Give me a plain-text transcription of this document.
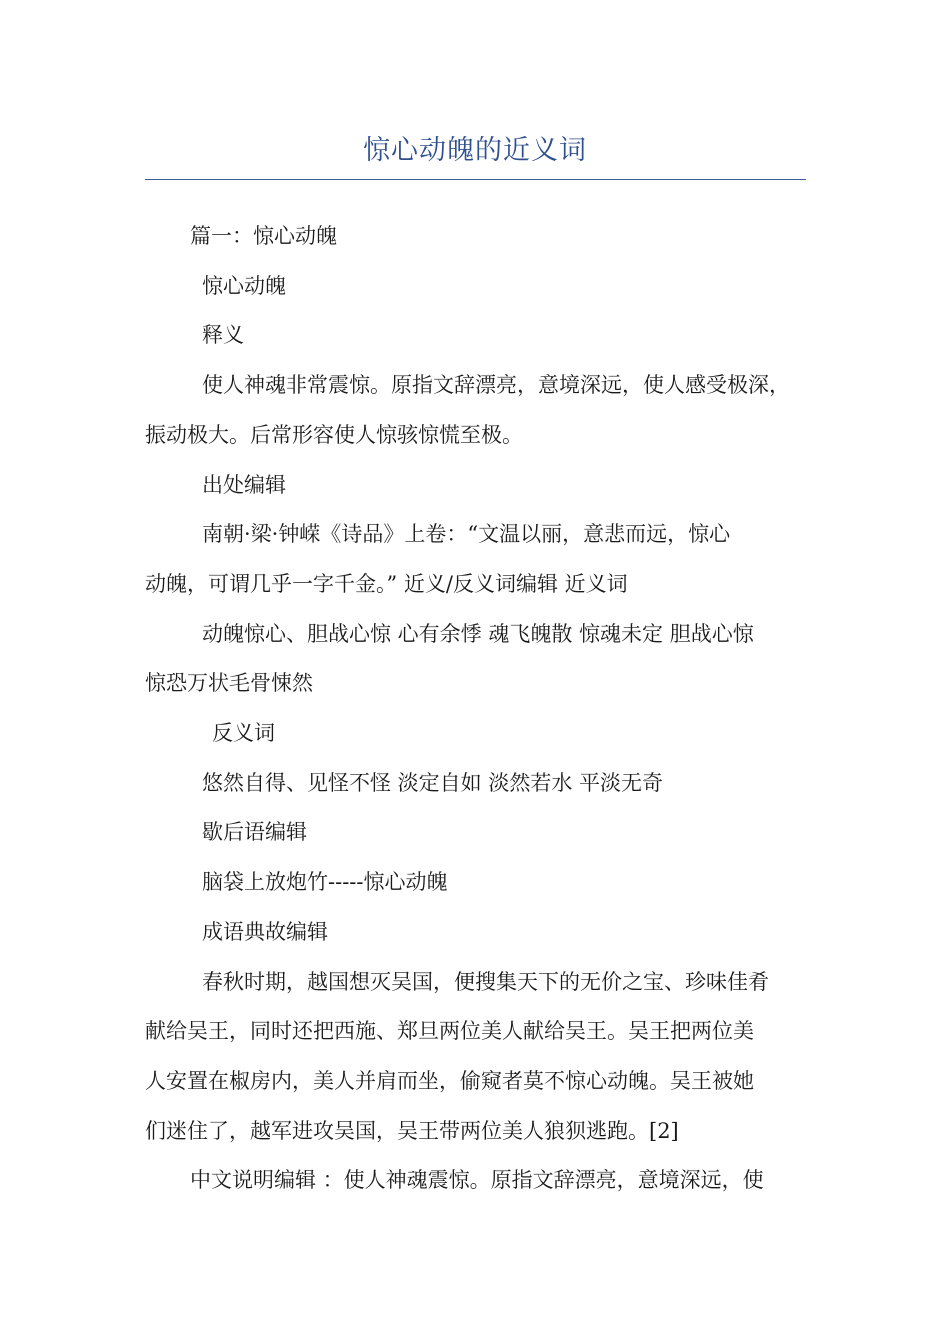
惊心动魄的近义词
篇一：惊心动魄
惊心动魄
释义
使人神魂非常震惊。原指文辞漂亮，意境深远，使人感受极深，
振动极大。后常形容使人惊骇惊慌至极。
出处编辑
南朝·梁·钟嵘《诗品》上卷：“文温以丽，意悲而远，惊心
动魄，可谓几乎一字千金。” 近义/反义词编辑 近义词
动魄惊心、胆战心惊 心有余悸 魂飞魄散 惊魂未定 胆战心惊
惊恐万状毛骨悚然
反义词
悠然自得、见怪不怪 淡定自如 淡然若水 平淡无奇
歇后语编辑
脑袋上放炮竹-----惊心动魄
成语典故编辑
春秋时期，越国想灭吴国，便搜集天下的无价之宝、珍味佳肴
献给吴王，同时还把西施、郑旦两位美人献给吴王。吴王把两位美
人安置在椒房内，美人并肩而坐，偷窥者莫不惊心动魄。吴王被她
们迷住了，越军进攻吴国，吴王带两位美人狼狈逃跑。[2]
中文说明编辑 ：使人神魂震惊。原指文辞漂亮，意境深远，使
